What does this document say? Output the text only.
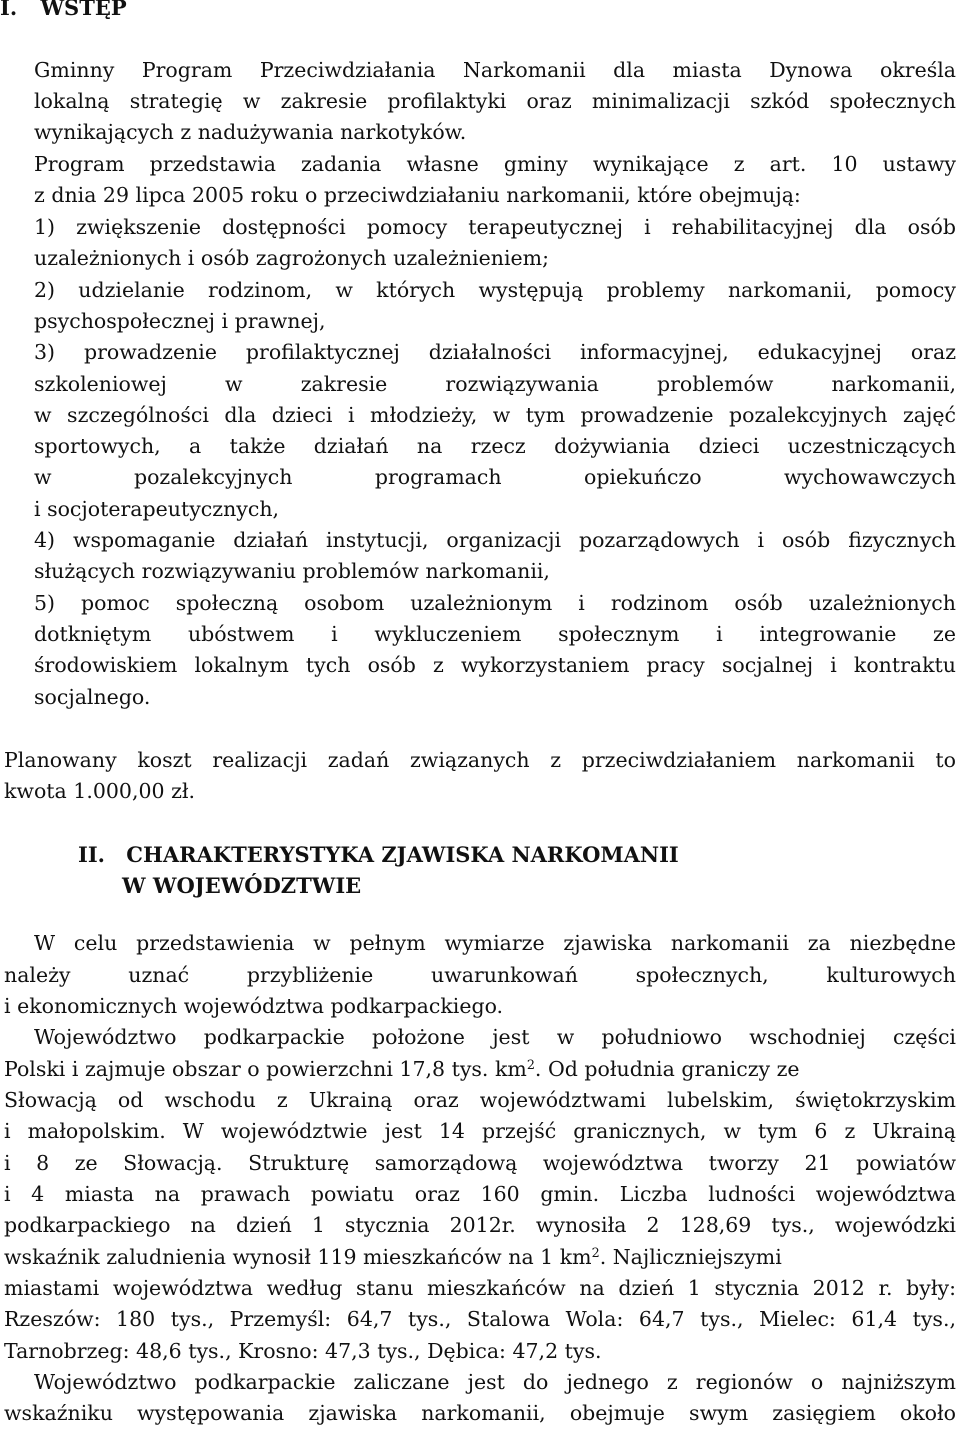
I. WSTĘP
Gminny Program Przeciwdziałania Narkomanii dla miasta Dynowa określa
lokalną strategię w zakresie profilaktyki oraz minimalizacji szkód społecznych
wynikających z nadużywania narkotyków.
Program przedstawia zadania własne gminy wynikające z art. 10 ustawy
z dnia 29 lipca 2005 roku o przeciwdziałaniu narkomanii, które obejmują:
1) zwiększenie dostępności pomocy terapeutycznej i rehabilitacyjnej dla osób
uzależnionych i osób zagrożonych uzależnieniem;
2) udzielanie rodzinom, w których występują problemy narkomanii, pomocy
psychospołecznej i prawnej,
3) prowadzenie profilaktycznej działalności informacyjnej, edukacyjnej oraz
szkoleniowej w zakresie rozwiązywania problemów narkomanii,
w szczególności dla dzieci i młodzieży, w tym prowadzenie pozalekcyjnych zajęć
sportowych, a także działań na rzecz dożywiania dzieci uczestniczących
w pozalekcyjnych programach opiekuńczo wychowawczych
i socjoterapeutycznych,
4) wspomaganie działań instytucji, organizacji pozarządowych i osób fizycznych
służących rozwiązywaniu problemów narkomanii,
5) pomoc społeczną osobom uzależnionym i rodzinom osób uzależnionych
dotkniętym ubóstwem i wykluczeniem społecznym i integrowanie ze
środowiskiem lokalnym tych osób z wykorzystaniem pracy socjalnej i kontraktu
socjalnego.
Planowany koszt realizacji zadań związanych z przeciwdziałaniem narkomanii to
kwota 1.000,00 zł.
II. CHARAKTERYSTYKA ZJAWISKA NARKOMANII
W WOJEWÓDZTWIE
W celu przedstawienia w pełnym wymiarze zjawiska narkomanii za niezbędne
należy uznać przybliżenie uwarunkowań społecznych, kulturowych
i ekonomicznych województwa podkarpackiego.
Województwo podkarpackie położone jest w południowo wschodniej części
Polski i zajmuje obszar o powierzchni 17,8 tys. $km^2$. Od południa graniczy ze
Słowacją od wschodu z Ukrainą oraz województwami lubelskim, świętokrzyskim
i małopolskim. W województwie jest 14 przejść granicznych, w tym 6 z Ukrainą
i 8 ze Słowacją. Strukturę samorządową województwa tworzy 21 powiatów
i 4 miasta na prawach powiatu oraz 160 gmin. Liczba ludności województwa
podkarpackiego na dzień 1 stycznia 2012r. wynosiła 2 128,69 tys., wojewódzki
wskaźnik zaludnienia wynosił 119 mieszkańców na 1 $km^2$. Najliczniejszymi
miastami województwa według stanu mieszkańców na dzień 1 stycznia 2012 r. były:
Rzeszów: 180 tys., Przemyśl: 64,7 tys., Stalowa Wola: 64,7 tys., Mielec: 61,4 tys.,
Tarnobrzeg: 48,6 tys., Krosno: 47,3 tys., Dębica: 47,2 tys.
Województwo podkarpackie zaliczane jest do jednego z regionów o najniższym
wskaźniku występowania zjawiska narkomanii, obejmuje swym zasięgiem około
